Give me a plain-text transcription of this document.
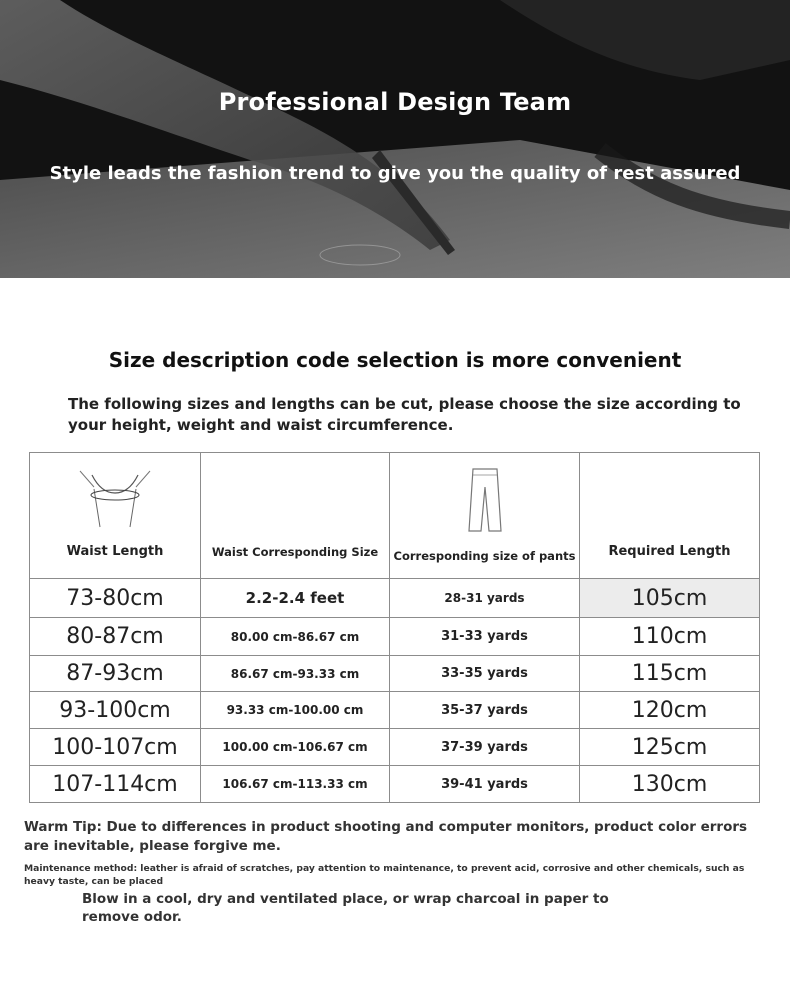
Professional Design Team
Style leads the fashion trend to give you the quality of rest assured
Size description code selection is more convenient
The following sizes and lengths can be cut, please choose the size according to your height, weight and waist circumference.
Waist Length	Waist Corresponding Size	Corresponding size of pants	Required Length

73-80cm	2.2-2.4 feet	28-31 yards	105cm
80-87cm	80.00 cm-86.67 cm	31-33 yards	110cm
87-93cm	86.67 cm-93.33 cm	33-35 yards	115cm
93-100cm	93.33 cm-100.00 cm	35-37 yards	120cm
100-107cm	100.00 cm-106.67 cm	37-39 yards	125cm
107-114cm	106.67 cm-113.33 cm	39-41 yards	130cm
Warm Tip: Due to differences in product shooting and computer monitors, product color errors are inevitable, please forgive me.
Maintenance method: leather is afraid of scratches, pay attention to maintenance, to prevent acid, corrosive and other chemicals, such as heavy taste, can be placed
Blow in a cool, dry and ventilated place, or wrap charcoal in paper to remove odor.
